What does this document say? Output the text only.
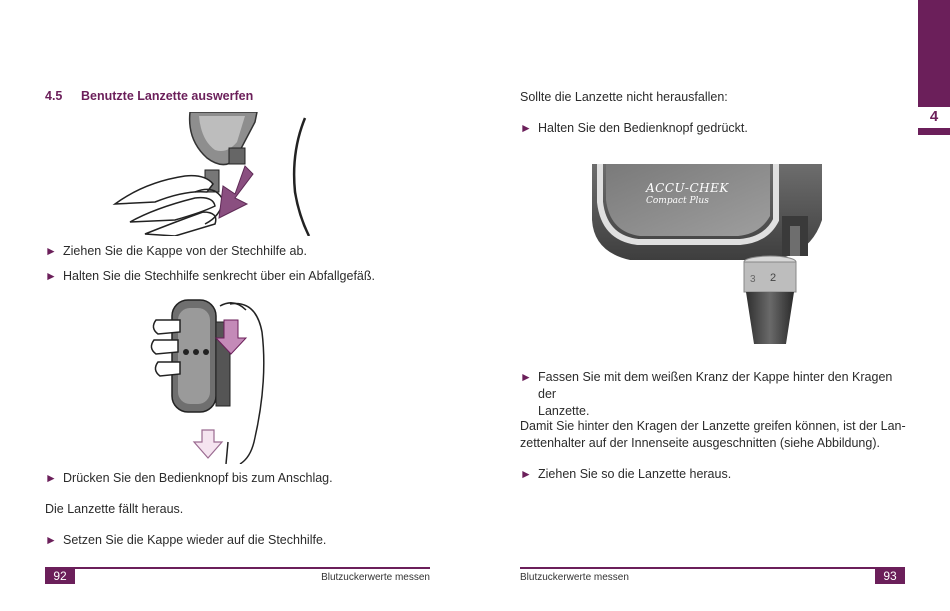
4
4.5 Benutzte Lanzette auswerfen
► Ziehen Sie die Kappe von der Stechhilfe ab.
► Halten Sie die Stechhilfe senkrecht über ein Abfallgefäß.
► Drücken Sie den Bedienknopf bis zum Anschlag.
Die Lanzette fällt heraus.
► Setzen Sie die Kappe wieder auf die Stechhilfe.
92	Blutzuckerwerte messen
Sollte die Lanzette nicht herausfallen:
► Halten Sie den Bedienknopf gedrückt.
ACCU-CHEK
Compact Plus
2
3
► Fassen Sie mit dem weißen Kranz der Kappe hinter den Kragen der
Lanzette.
Damit Sie hinter den Kragen der Lanzette greifen können, ist der Lan-
zettenhalter auf der Innenseite ausgeschnitten (siehe Abbildung).
► Ziehen Sie so die Lanzette heraus.
93
Blutzuckerwerte messen
